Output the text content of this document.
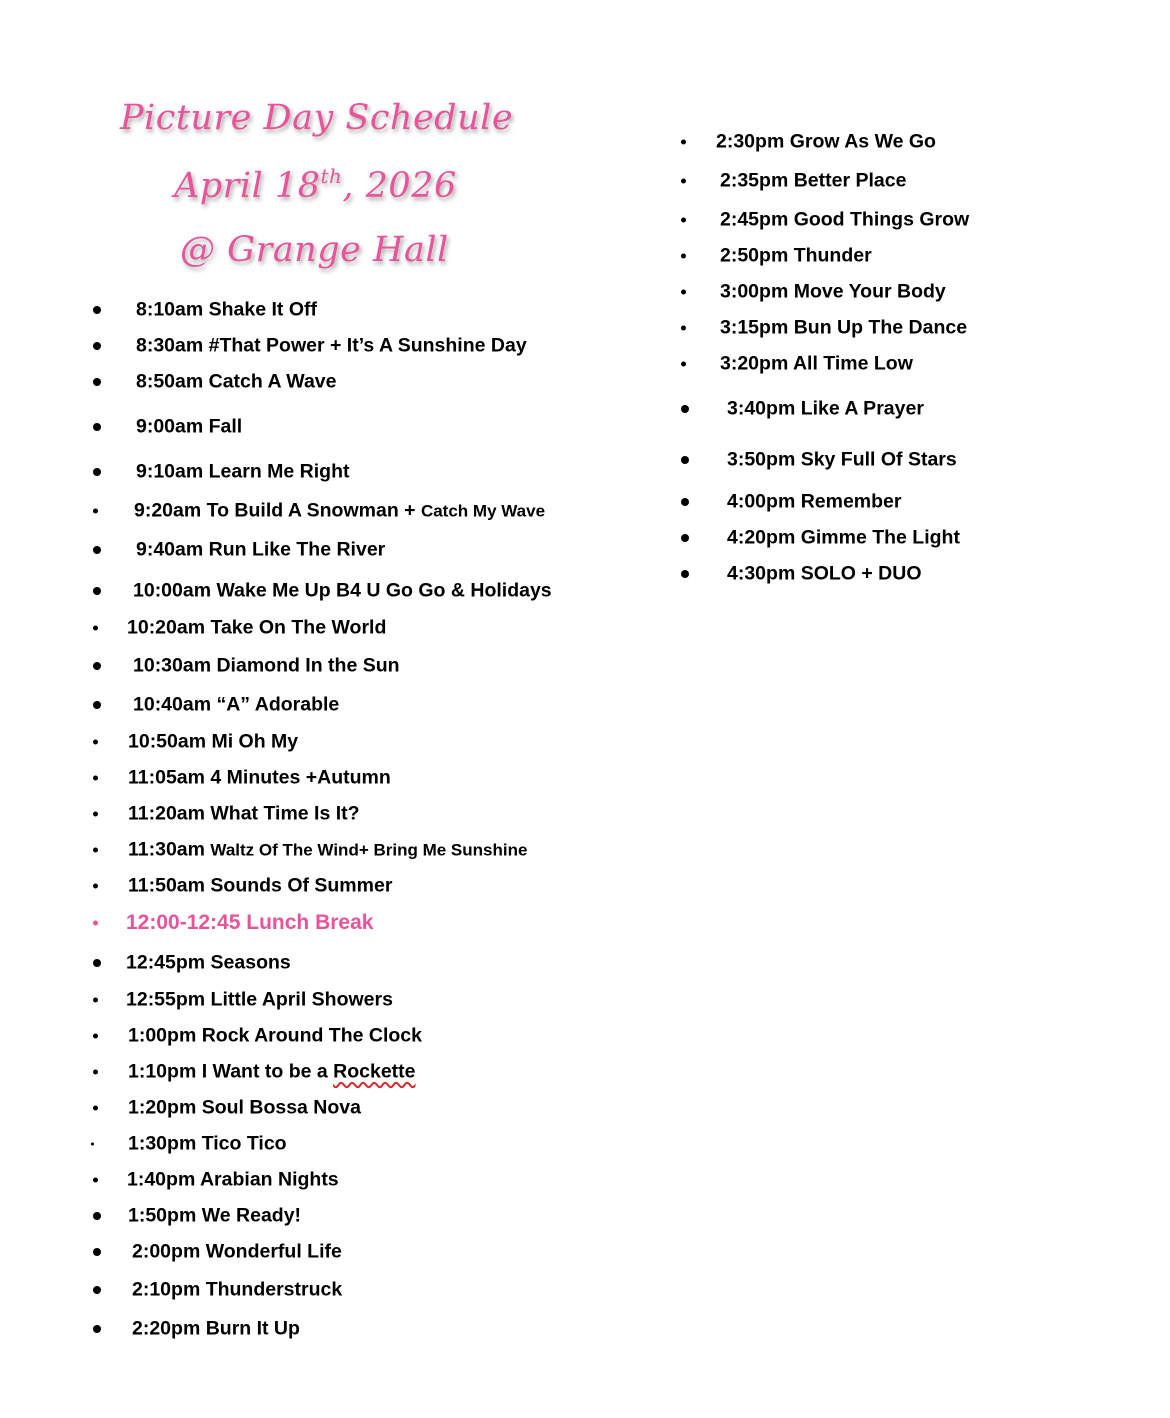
Picture Day Schedule
April 18th, 2026
@ Grange Hall
8:10am Shake It Off
8:30am #That Power + It’s A Sunshine Day
8:50am Catch A Wave
9:00am Fall
9:10am Learn Me Right
9:20am To Build A Snowman + Catch My Wave
9:40am Run Like The River
10:00am Wake Me Up B4 U Go Go & Holidays
10:20am Take On The World
10:30am Diamond In the Sun
10:40am “A” Adorable
10:50am Mi Oh My
11:05am 4 Minutes +Autumn
11:20am What Time Is It?
11:30am Waltz Of The Wind+ Bring Me Sunshine
11:50am Sounds Of Summer
12:00-12:45 Lunch Break
12:45pm Seasons
12:55pm Little April Showers
1:00pm Rock Around The Clock
1:10pm I Want to be a Rockette
1:20pm Soul Bossa Nova
1:30pm Tico Tico
1:40pm Arabian Nights
1:50pm We Ready!
2:00pm Wonderful Life
2:10pm Thunderstruck
2:20pm Burn It Up
2:30pm Grow As We Go
2:35pm Better Place
2:45pm Good Things Grow
2:50pm Thunder
3:00pm Move Your Body
3:15pm Bun Up The Dance
3:20pm All Time Low
3:40pm Like A Prayer
3:50pm Sky Full Of Stars
4:00pm Remember
4:20pm Gimme The Light
4:30pm SOLO + DUO
